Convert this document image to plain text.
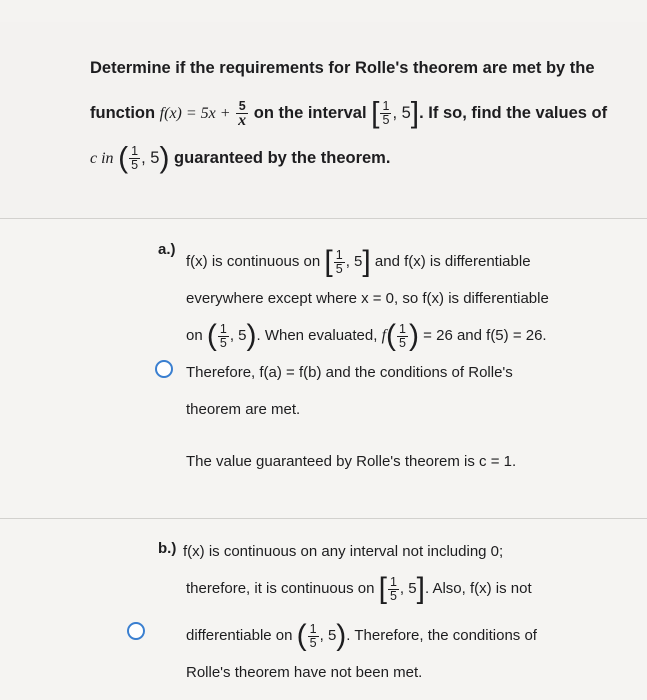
Determine if the requirements for Rolle's theorem are met by the
function $f(x) = 5x + \frac{5}{x}$ on the interval [ $\frac{1}{5}$ , 5]. If so, find the values of
c in ( $\frac{1}{5}$ , 5) guaranteed by the theorem.
a.)
f(x) is continuous on [ $\frac{1}{5}$ , 5] and f(x) is differentiable
everywhere except where x = 0, so f(x) is differentiable
on ( $\frac{1}{5}$ , 5). When evaluated, $f( \frac{1}{5}$ ) = 26 and f(5) = 26.
Therefore, f(a) = f(b) and the conditions of Rolle's
theorem are met.
The value guaranteed by Rolle's theorem is c = 1.
b.) f(x) is continuous on any interval not including 0;
therefore, it is continuous on [ $\frac{1}{5}$ , 5]. Also, f(x) is not
differentiable on ( $\frac{1}{5}$ , 5). Therefore, the conditions of
Rolle's theorem have not been met.
